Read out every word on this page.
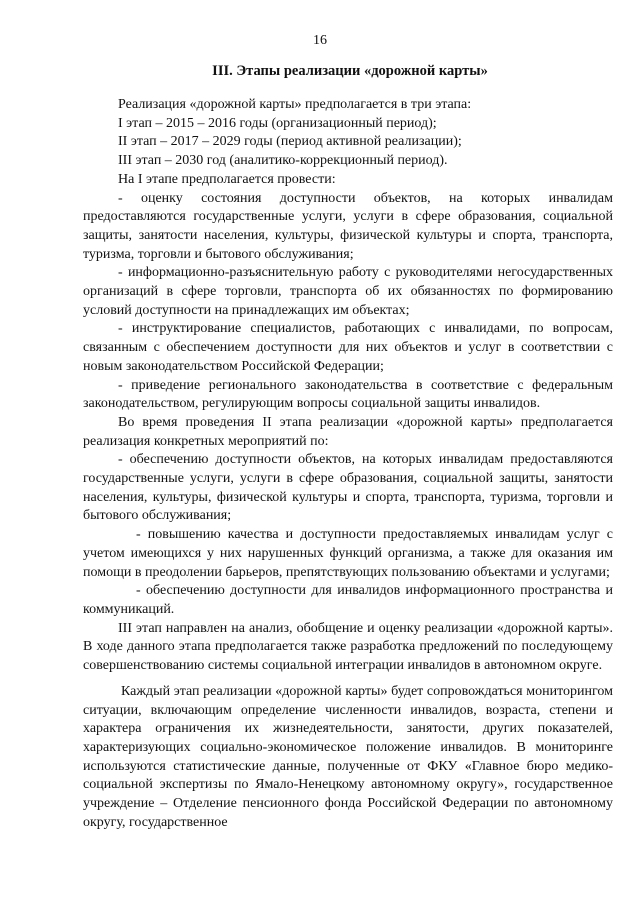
16
III. Этапы реализации «дорожной карты»

Реализация «дорожной карты» предполагается в три этапа:

I этап – 2015 – 2016 годы (организационный период);

II этап – 2017 – 2029 годы (период активной реализации);

III этап – 2030 год (аналитико-коррекционный период).

На I этапе предполагается провести:

- оценку состояния доступности объектов, на которых инвалидам предоставляются государственные услуги, услуги в сфере образования, социальной защиты, занятости населения, культуры, физической культуры и спорта, транспорта, туризма, торговли и бытового обслуживания;

- информационно-разъяснительную работу с руководителями негосударственных организаций в сфере торговли, транспорта об их обязанностях по формированию условий доступности на принадлежащих им объектах;

- инструктирование специалистов, работающих с инвалидами, по вопросам, связанным с обеспечением доступности для них объектов и услуг в соответствии с новым законодательством Российской Федерации;

- приведение регионального законодательства в соответствие с федеральным законодательством, регулирующим вопросы социальной защиты инвалидов.

Во время проведения II этапа реализации «дорожной карты» предполагается реализация конкретных мероприятий по:

- обеспечению доступности объектов, на которых инвалидам предоставляются государственные услуги, услуги в сфере образования, социальной защиты, занятости населения, культуры, физической культуры и спорта, транспорта, туризма, торговли и бытового обслуживания;

- повышению качества и доступности предоставляемых инвалидам услуг с учетом имеющихся у них нарушенных функций организма, а также для оказания им помощи в преодолении барьеров, препятствующих пользованию объектами и услугами;

- обеспечению доступности для инвалидов информационного пространства и коммуникаций.

III этап направлен на анализ, обобщение и оценку реализации «дорожной карты». В ходе данного этапа предполагается также разработка предложений по последующему совершенствованию системы социальной интеграции инвалидов в автономном округе.

Каждый этап реализации «дорожной карты» будет сопровождаться мониторингом ситуации, включающим определение численности инвалидов, возраста, степени и характера ограничения их жизнедеятельности, занятости, других показателей, характеризующих социально-экономическое положение инвалидов. В мониторинге используются статистические данные, полученные от ФКУ «Главное бюро медико-социальной экспертизы по Ямало-Ненецкому автономному округу», государственное учреждение – Отделение пенсионного фонда Российской Федерации по автономному округу, государственное
